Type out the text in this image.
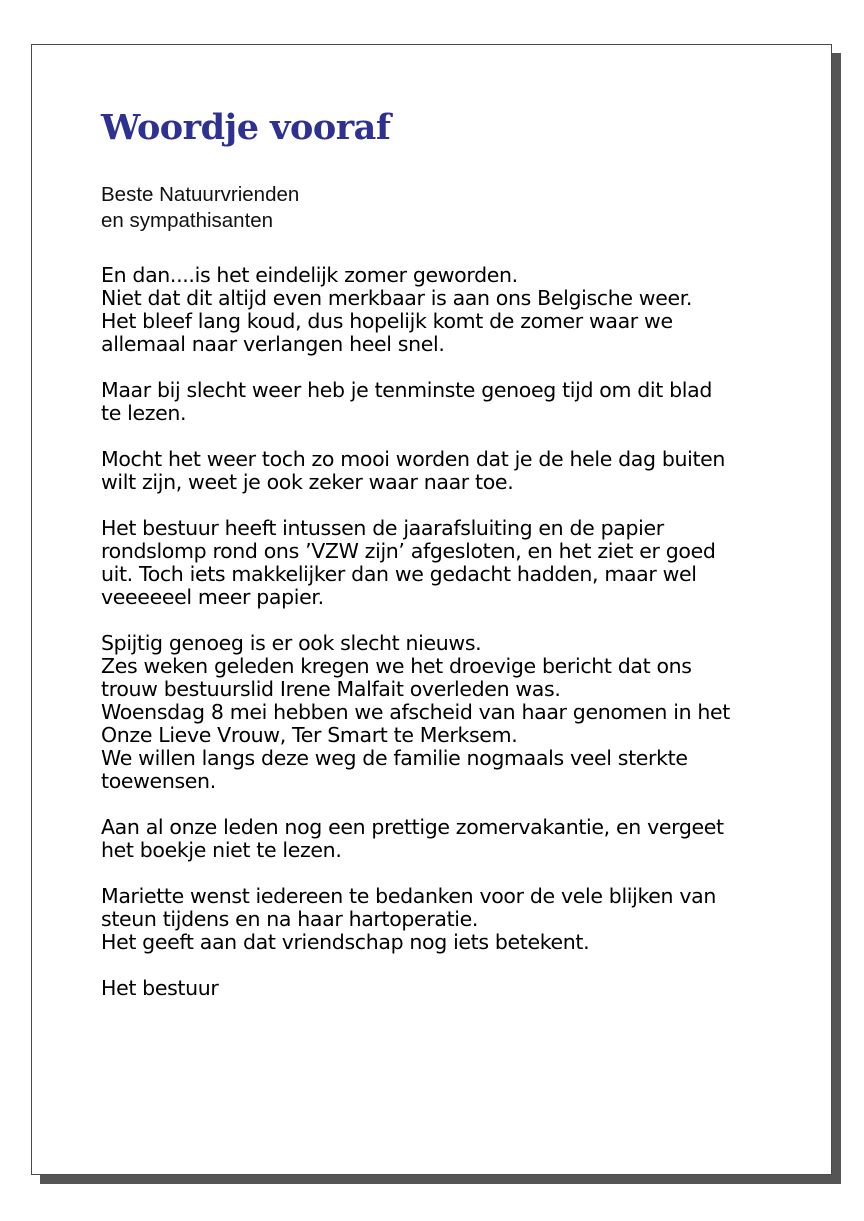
Woordje vooraf
Beste Natuurvrienden
en sympathisanten

En dan....is het eindelijk zomer geworden.
Niet dat dit altijd even merkbaar is aan ons Belgische weer.
Het bleef lang koud, dus hopelijk komt de zomer waar we
allemaal naar verlangen heel snel.

Maar bij slecht weer heb je tenminste genoeg tijd om dit blad
te lezen.

Mocht het weer toch zo mooi worden dat je de hele dag buiten
wilt zijn, weet je ook zeker waar naar toe.

Het bestuur heeft intussen de jaarafsluiting en de papier
rondslomp rond ons ’VZW zijn’ afgesloten, en het ziet er goed
uit. Toch iets makkelijker dan we gedacht hadden, maar wel
veeeeeel meer papier.

Spijtig genoeg is er ook slecht nieuws.
Zes weken geleden kregen we het droevige bericht dat ons
trouw bestuurslid Irene Malfait overleden was.
Woensdag 8 mei hebben we afscheid van haar genomen in het
Onze Lieve Vrouw, Ter Smart te Merksem.
We willen langs deze weg de familie nogmaals veel sterkte
toewensen.

Aan al onze leden nog een prettige zomervakantie, en vergeet
het boekje niet te lezen.

Mariette wenst iedereen te bedanken voor de vele blijken van
steun tijdens en na haar hartoperatie.
Het geeft aan dat vriendschap nog iets betekent.

Het bestuur
